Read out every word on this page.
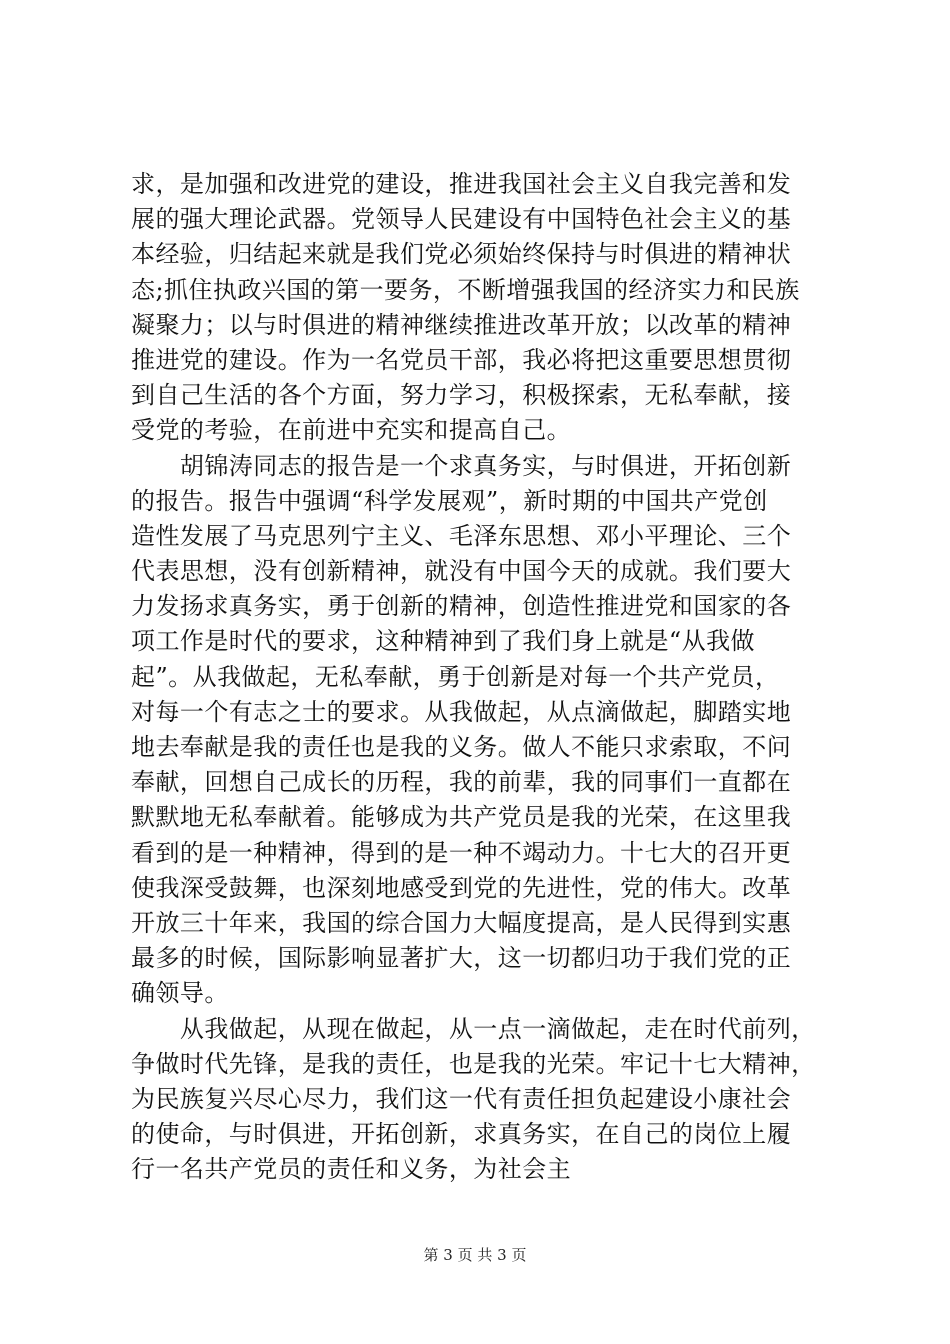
求，是加强和改进党的建设，推进我国社会主义自我完善和发
展的强大理论武器。党领导人民建设有中国特色社会主义的基
本经验，归结起来就是我们党必须始终保持与时俱进的精神状
态;抓住执政兴国的第一要务，不断增强我国的经济实力和民族
凝聚力；以与时俱进的精神继续推进改革开放；以改革的精神
推进党的建设。作为一名党员干部，我必将把这重要思想贯彻
到自己生活的各个方面，努力学习，积极探索，无私奉献，接
受党的考验，在前进中充实和提高自己。
　　胡锦涛同志的报告是一个求真务实，与时俱进，开拓创新
的报告。报告中强调“科学发展观”，新时期的中国共产党创
造性发展了马克思列宁主义、毛泽东思想、邓小平理论、三个
代表思想，没有创新精神，就没有中国今天的成就。我们要大
力发扬求真务实，勇于创新的精神，创造性推进党和国家的各
项工作是时代的要求，这种精神到了我们身上就是“从我做
起”。从我做起，无私奉献，勇于创新是对每一个共产党员，
对每一个有志之士的要求。从我做起，从点滴做起，脚踏实地
地去奉献是我的责任也是我的义务。做人不能只求索取，不问
奉献，回想自己成长的历程，我的前辈，我的同事们一直都在
默默地无私奉献着。能够成为共产党员是我的光荣，在这里我
看到的是一种精神，得到的是一种不竭动力。十七大的召开更
使我深受鼓舞，也深刻地感受到党的先进性，党的伟大。改革
开放三十年来，我国的综合国力大幅度提高，是人民得到实惠
最多的时候，国际影响显著扩大，这一切都归功于我们党的正
确领导。
　　从我做起，从现在做起，从一点一滴做起，走在时代前列，
争做时代先锋，是我的责任，也是我的光荣。牢记十七大精神，
为民族复兴尽心尽力，我们这一代有责任担负起建设小康社会
的使命，与时俱进，开拓创新，求真务实，在自己的岗位上履
行一名共产党员的责任和义务，为社会主
第 3 页 共 3 页
